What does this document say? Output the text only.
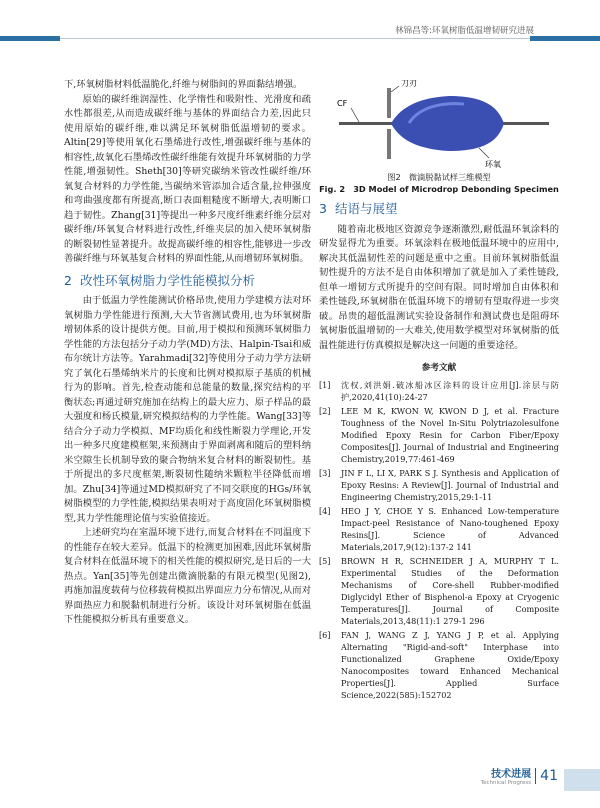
林锦昌等:环氧树脂低温增韧研究进展

下,环氧树脂材料低温脆化,纤维与树脂间的界面黏结增强。

原始的碳纤维润湿性、化学惰性和吸附性、光滑度和疏水性都很差,从而造成碳纤维与基体的界面结合力差,因此只使用原始的碳纤维,难以满足环氧树脂低温增韧的要求。Altin[29]等使用氧化石墨烯进行改性,增强碳纤维与基体的相容性,故氧化石墨烯改性碳纤维能有效提升环氧树脂的力学性能,增强韧性。Sheth[30]等研究碳纳米管改性碳纤维/环氧复合材料的力学性能,当碳纳米管添加合适含量,拉伸强度和弯曲强度都有所提高,断口表面粗糙度不断增大,表明断口趋于韧性。Zhang[31]等提出一种多尺度纤维素纤维分层对碳纤维/环氧复合材料进行改性,纤维夹层的加入使环氧树脂的断裂韧性显著提升。故提高碳纤维的相容性,能够进一步改善碳纤维与环氧基复合材料的界面性能,从而增韧环氧树脂。

2 改性环氧树脂力学性能模拟分析

由于低温力学性能测试价格昂贵,使用力学建模方法对环氧树脂力学性能进行预测,大大节省测试费用,也为环氧树脂增韧体系的设计提供方便。目前,用于模拟和预测环氧树脂力学性能的方法包括分子动力学(MD)方法、Halpin-Tsai和威布尔统计方法等。Yarahmadi[32]等使用分子动力学方法研究了氧化石墨烯纳米片的长度和比例对模拟原子基质的机械行为的影响。首先,检查动能和总能量的数量,探究结构的平衡状态;再通过研究施加在结构上的最大应力、原子样品的最大强度和杨氏模量,研究模拟结构的力学性能。Wang[33]等结合分子动力学模拟、MF均质化和线性断裂力学理论,开发出一种多尺度建模框架,来预测由于界面剥离和随后的塑料纳米空隙生长机制导致的聚合物纳米复合材料的断裂韧性。基于所提出的多尺度框架,断裂韧性随纳米颗粒半径降低而增加。Zhu[34]等通过MD模拟研究了不同交联度的HGs/环氧树脂模型的力学性能,模拟结果表明对于高度固化环氧树脂模型,其力学性能理论值与实验值接近。

上述研究均在室温环境下进行,而复合材料在不同温度下的性能存在较大差异。低温下的检测更加困难,因此环氧树脂复合材料在低温环境下的相关性能的模拟研究,是日后的一大热点。Yan[35]等先创建出微滴脱黏的有限元模型(见图2),再施加温度载荷与位移载荷模拟出界面应力分布情况,从而对界面热应力和脱黏机制进行分析。该设计对环氧树脂在低温下性能模拟分析具有重要意义。

CF
刀刃
环氧
图2　微滴脱黏试样三维模型
Fig. 2　3D Model of Microdrop Debonding Specimen
3 结语与展望

随着南北极地区资源竞争逐渐激烈,耐低温环氧涂料的研发显得尤为重要。环氧涂料在极地低温环境中的应用中,解决其低温韧性差的问题是重中之重。目前环氧树脂低温韧性提升的方法不是自由体积增加了就是加入了柔性链段,但单一增韧方式所提升的空间有限。同时增加自由体积和柔性链段,环氧树脂在低温环境下的增韧有望取得进一步突破。昂贵的超低温测试实验设备制作和测试费也是阻碍环氧树脂低温增韧的一大难关,使用数学模型对环氧树脂的低温性能进行仿真模拟是解决这一问题的重要途径。

参考文献
[1]	沈权,刘洪娟.破冰船冰区涂料的设计应用[J].涂层与防护,2020,41(10):24-27
[2]	LEE M K, KWON W, KWON D J, et al. Fracture Toughness of the Novel In-Situ Polytriazolesulfone Modified Epoxy Resin for Carbon Fiber/Epoxy Composites[J]. Journal of Industrial and Engineering Chemistry,2019,77:461-469
[3]	JIN F L, LI X, PARK S J. Synthesis and Application of Epoxy Resins: A Review[J]. Journal of Industrial and Engineering Chemistry,2015,29:1-11
[4]	HEO J Y, CHOE Y S. Enhanced Low-temperature Impact-peel Resistance of Nano-toughened Epoxy Resins[J]. Science of Advanced Materials,2017,9(12):137-2 141
[5]	BROWN H R, SCHNEIDER J A, MURPHY T L. Experimental Studies of the Deformation Mechanisms of Core-shell Rubber-modified Diglycidyl Ether of Bisphenol-a Epoxy at Cryogenic Temperatures[J]. Journal of Composite Materials,2013,48(11):1 279-1 296
[6]	FAN J, WANG Z J, YANG J P, et al. Applying Alternating "Rigid-and-soft" Interphase into Functionalized Graphene Oxide/Epoxy Nanocomposites toward Enhanced Mechanical Properties[J]. Applied Surface Science,2022(585):152702
技术进展
Technical Progress 41
